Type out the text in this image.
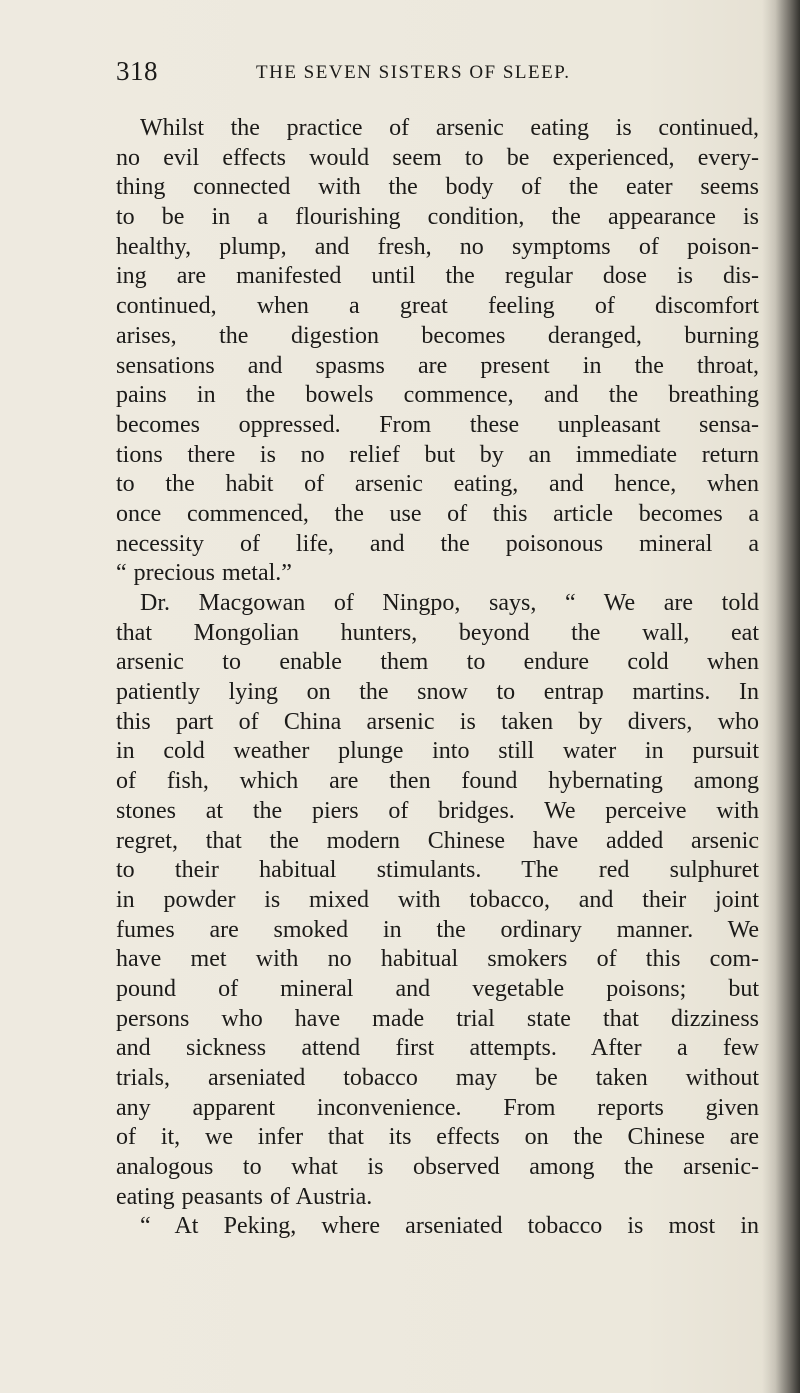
318	THE SEVEN SISTERS OF SLEEP.
Whilst the practice of arsenic eating is continued,
no evil effects would seem to be experienced, every-
thing connected with the body of the eater seems
to be in a flourishing condition, the appearance is
healthy, plump, and fresh, no symptoms of poison-
ing are manifested until the regular dose is dis-
continued, when a great feeling of discomfort
arises, the digestion becomes deranged, burning
sensations and spasms are present in the throat,
pains in the bowels commence, and the breathing
becomes oppressed. From these unpleasant sensa-
tions there is no relief but by an immediate return
to the habit of arsenic eating, and hence, when
once commenced, the use of this article becomes a
necessity of life, and the poisonous mineral a
“ precious metal.”
Dr. Macgowan of Ningpo, says, “ We are told
that Mongolian hunters, beyond the wall, eat
arsenic to enable them to endure cold when
patiently lying on the snow to entrap martins. In
this part of China arsenic is taken by divers, who
in cold weather plunge into still water in pursuit
of fish, which are then found hybernating among
stones at the piers of bridges. We perceive with
regret, that the modern Chinese have added arsenic
to their habitual stimulants. The red sulphuret
in powder is mixed with tobacco, and their joint
fumes are smoked in the ordinary manner. We
have met with no habitual smokers of this com-
pound of mineral and vegetable poisons; but
persons who have made trial state that dizziness
and sickness attend first attempts. After a few
trials, arseniated tobacco may be taken without
any apparent inconvenience. From reports given
of it, we infer that its effects on the Chinese are
analogous to what is observed among the arsenic-
eating peasants of Austria.
“ At Peking, where arseniated tobacco is most in
